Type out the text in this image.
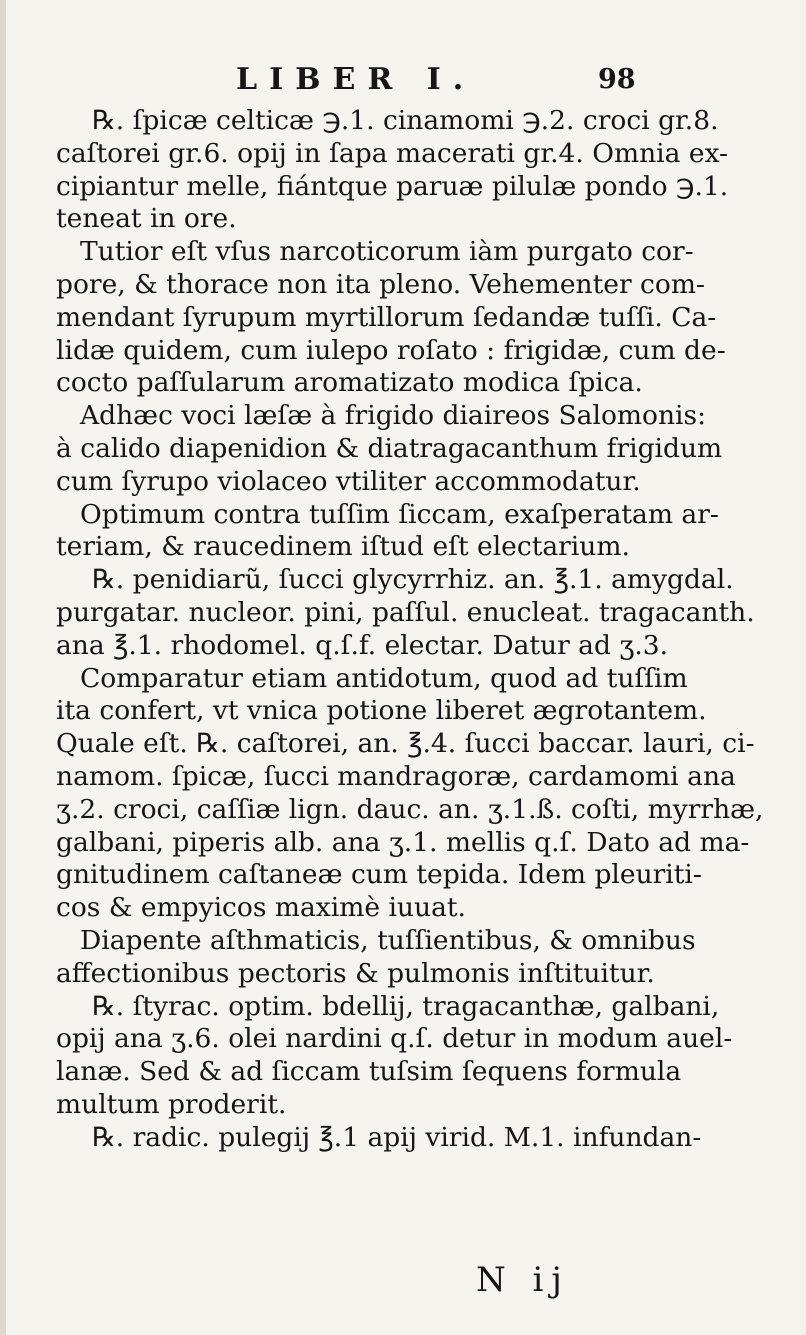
LIBER I.	98
℞. ſpicæ celticæ ℈.1. cinamomi ℈.2. croci gr.8.
caſtorei gr.6. opij in ſapa macerati gr.4. Omnia ex-
cipiantur melle, fiántque paruæ pilulæ pondo ℈.1.
teneat in ore.
Tutior eſt vſus narcoticorum iàm purgato cor-
pore, & thorace non ita pleno. Vehementer com-
mendant ſyrupum myrtillorum ſedandæ tuſſi. Ca-
lidæ quidem, cum iulepo roſato : frigidæ, cum de-
cocto paſſularum aromatizato modica ſpica.
Adhæc voci læſæ à frigido diaireos Salomonis:
à calido diapenidion & diatragacanthum frigidum
cum ſyrupo violaceo vtiliter accommodatur.
Optimum contra tuſſim ſiccam, exaſperatam ar-
teriam, & raucedinem iſtud eſt electarium.
℞. penidiarũ, ſucci glycyrrhiz. an. ℥.1. amygdal.
purgatar. nucleor. pini, paſſul. enucleat. tragacanth.
ana ℥.1. rhodomel. q.ſ.f. electar. Datur ad ʒ.3.
Comparatur etiam antidotum, quod ad tuſſim
ita confert, vt vnica potione liberet ægrotantem.
Quale eſt. ℞. caſtorei, an. ℥.4. ſucci baccar. lauri, ci-
namom. ſpicæ, ſucci mandragoræ, cardamomi ana
ʒ.2. croci, caſſiæ lign. dauc. an. ʒ.1.ß. coſti, myrrhæ,
galbani, piperis alb. ana ʒ.1. mellis q.ſ. Dato ad ma-
gnitudinem caſtaneæ cum tepida. Idem pleuriti-
cos & empyicos maximè iuuat.
Diapente aſthmaticis, tuſſientibus, & omnibus
affectionibus pectoris & pulmonis inſtituitur.
℞. ſtyrac. optim. bdellij, tragacanthæ, galbani,
opij ana ʒ.6. olei nardini q.ſ. detur in modum auel-
lanæ. Sed & ad ſiccam tuſsim ſequens formula
multum proderit.
℞. radic. pulegij ℥.1 apij virid. M.1. infundan-
N ij
